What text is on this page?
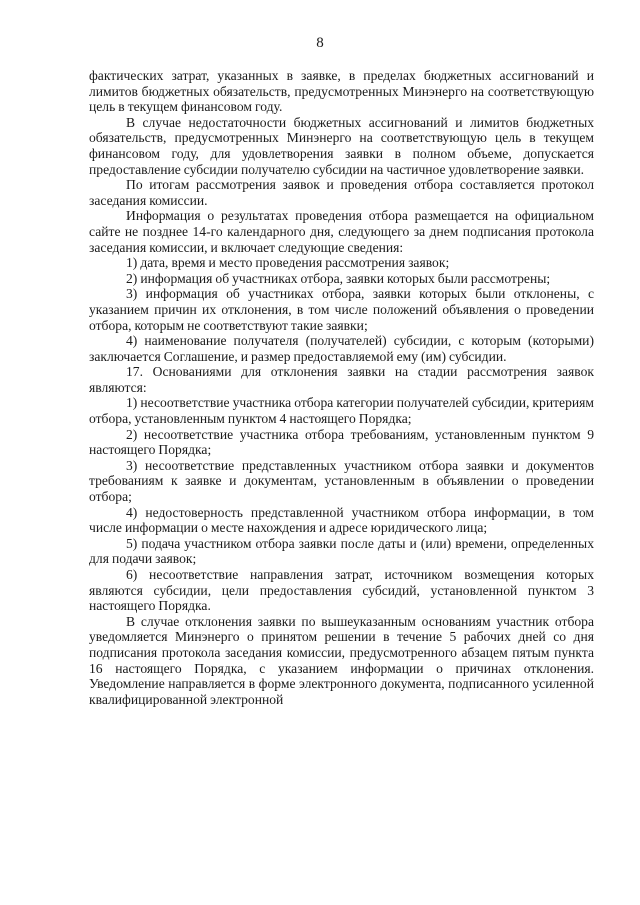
8

фактических затрат, указанных в заявке, в пределах бюджетных ассигнований и лимитов бюджетных обязательств, предусмотренных Минэнерго на соответствующую цель в текущем финансовом году.

В случае недостаточности бюджетных ассигнований и лимитов бюджетных обязательств, предусмотренных Минэнерго на соответствующую цель в текущем финансовом году, для удовлетворения заявки в полном объеме, допускается предоставление субсидии получателю субсидии на частичное удовлетворение заявки.

По итогам рассмотрения заявок и проведения отбора составляется протокол заседания комиссии.

Информация о результатах проведения отбора размещается на официальном сайте не позднее 14-го календарного дня, следующего за днем подписания протокола заседания комиссии, и включает следующие сведения:

1) дата, время и место проведения рассмотрения заявок;

2) информация об участниках отбора, заявки которых были рассмотрены;

3) информация об участниках отбора, заявки которых были отклонены, с указанием причин их отклонения, в том числе положений объявления о проведении отбора, которым не соответствуют такие заявки;

4) наименование получателя (получателей) субсидии, с которым (которыми) заключается Соглашение, и размер предоставляемой ему (им) субсидии.

17. Основаниями для отклонения заявки на стадии рассмотрения заявок являются:

1) несоответствие участника отбора категории получателей субсидии, критериям отбора, установленным пунктом 4 настоящего Порядка;

2) несоответствие участника отбора требованиям, установленным пунктом 9 настоящего Порядка;

3) несоответствие представленных участником отбора заявки и документов требованиям к заявке и документам, установленным в объявлении о проведении отбора;

4) недостоверность представленной участником отбора информации, в том числе информации о месте нахождения и адресе юридического лица;

5) подача участником отбора заявки после даты и (или) времени, определенных для подачи заявок;

6) несоответствие направления затрат, источником возмещения которых являются субсидии, цели предоставления субсидий, установленной пунктом 3 настоящего Порядка.

В случае отклонения заявки по вышеуказанным основаниям участник отбора уведомляется Минэнерго о принятом решении в течение 5 рабочих дней со дня подписания протокола заседания комиссии, предусмотренного абзацем пятым пункта 16 настоящего Порядка, с указанием информации о причинах отклонения. Уведомление направляется в форме электронного документа, подписанного усиленной квалифицированной электронной
